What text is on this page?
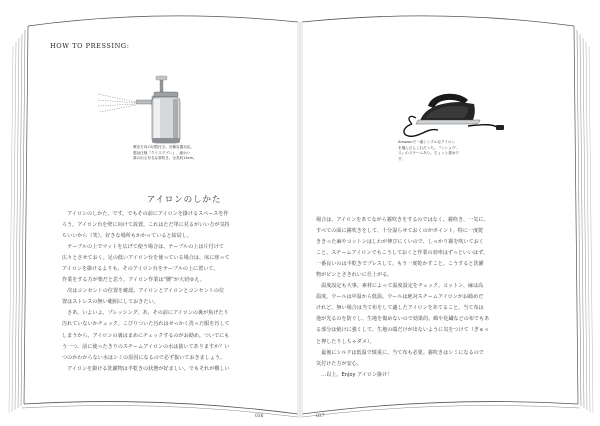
HOW TO PRESSING:
噴出方向の切替付き。各種容器対応。
製品仕様『クリスプブレ』、細かい
霧の出る有名な霧吹き。全長約14cm。
アイロンのしかた
　アイロンのしかた、です。でもその前にアイロンを掛けるスペースを作
ろう。アイロン台を壁に向けて設置。これはただ単に見るがいい方が気持
ちいいから（笑）。好きな場所もかかっていると結局し。
　テーブルの上でマットを広げて使う場合は、テーブルの上は片付けて
広々とさせておく。足の低いアイロン台を使っている場合は、床に座って
アイロンを掛けるよりも、そのアイロン台をテーブルの上に置いて、
作業をする方が楽だと思う。アイロン作業は“腰”が大切ゆえ。
　次はコンセントの位置を確認。アイロンとアイロンとコンセントの位
置はストレスの無い範囲にしておきたい。
　さあ、いよいよ、プレッシング。あ、その前にアイロンの裏が焦げたり
汚れていないかチェック。こびりついた汚れはせっかく洗った服を汚して
しまうから、アイロンの裏はまめにチェックするのがお勧め。ついでにも
う一つ、前に使ったきりのスチームアイロンの水は抜いてありますか？い
つのかわからない水はシミの原因になるので必ず抜いておきましょう。
　アイロンを掛ける洗濯物は半乾きの状態が好ましい。でもそれが難しい
036
Amazonで一番シンプルなアイロン
を選んだらこれだった。『シショウ',
ス』のスチームあり。ちょっと重めです。
場合は、アイロンをあてながら霧吹きをするのではなく、霧吹き、一気に、
すべての面に霧吹きをして、十分湿らせておくのがポイント。特に一度乾
ききった麻やコットンはしわが伸びにくいので、しっかり霧を吹いておく
こと。スチームアイロンでもこうしておくと作業の効率はずっといいはず。
一番良いのは半乾きでプレスして、もう一度乾かすこと。こうすると洗濯
物がピンとさきれいに仕上がる。
　温度設定も大事。素材によって温度設定をチェック。コットン、麻は高
温度。ウールは中温から低温。ウールは絶対スチームアイロンがお勧めだ
けれど、無い場合は当て布をして適したアイロンをあてること。当て布は
他が光るのを防ぐし、生地を傷めないので効果的。綿や化繊などの布でもあ
る部分は焼けに強くして、生地の端だけが出ないように気をつけて（ぎゅっ
と押したりしちゃダメ）。
　最後にシルクは低温で慎重に。当て布も必要。霧吹きはシミになるので
気付けた方が安心。
　…以上。Enjoy アイロン掛け！
037
